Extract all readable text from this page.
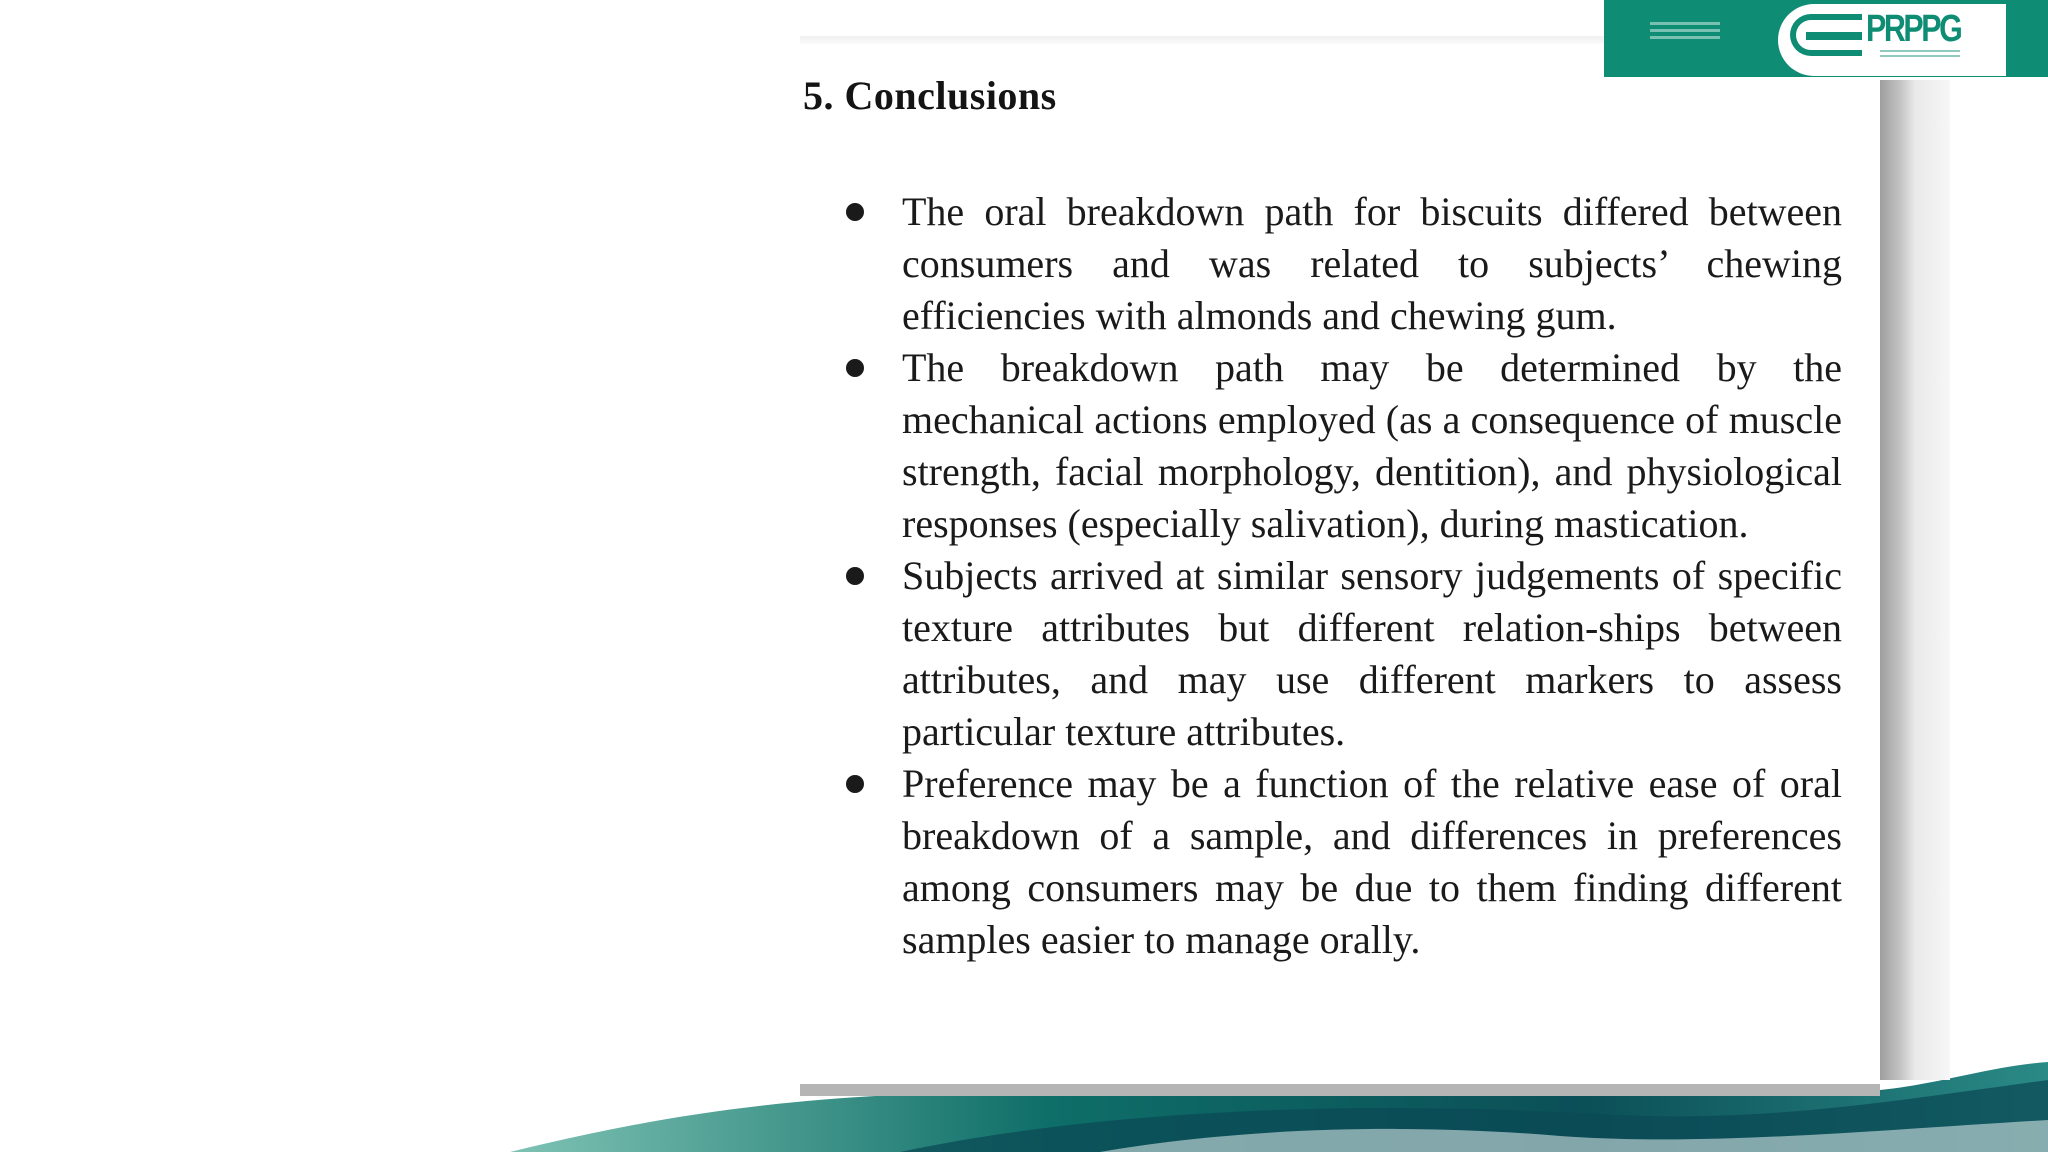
5. Conclusions
The oral breakdown path for biscuits differed between consumers and was related to subjects’ chewing efficiencies with almonds and chewing gum.
The breakdown path may be determined by the mechanical actions employed (as a consequence of muscle strength, facial morphology, dentition), and physiological responses (especially salivation), during mastication.
Subjects arrived at similar sensory judgements of specific texture attributes but different relation-ships between attributes, and may use different markers to assess particular texture attributes.
Preference may be a function of the relative ease of oral breakdown of a sample, and differences in preferences among consumers may be due to them finding different samples easier to manage orally.
PRPPG
